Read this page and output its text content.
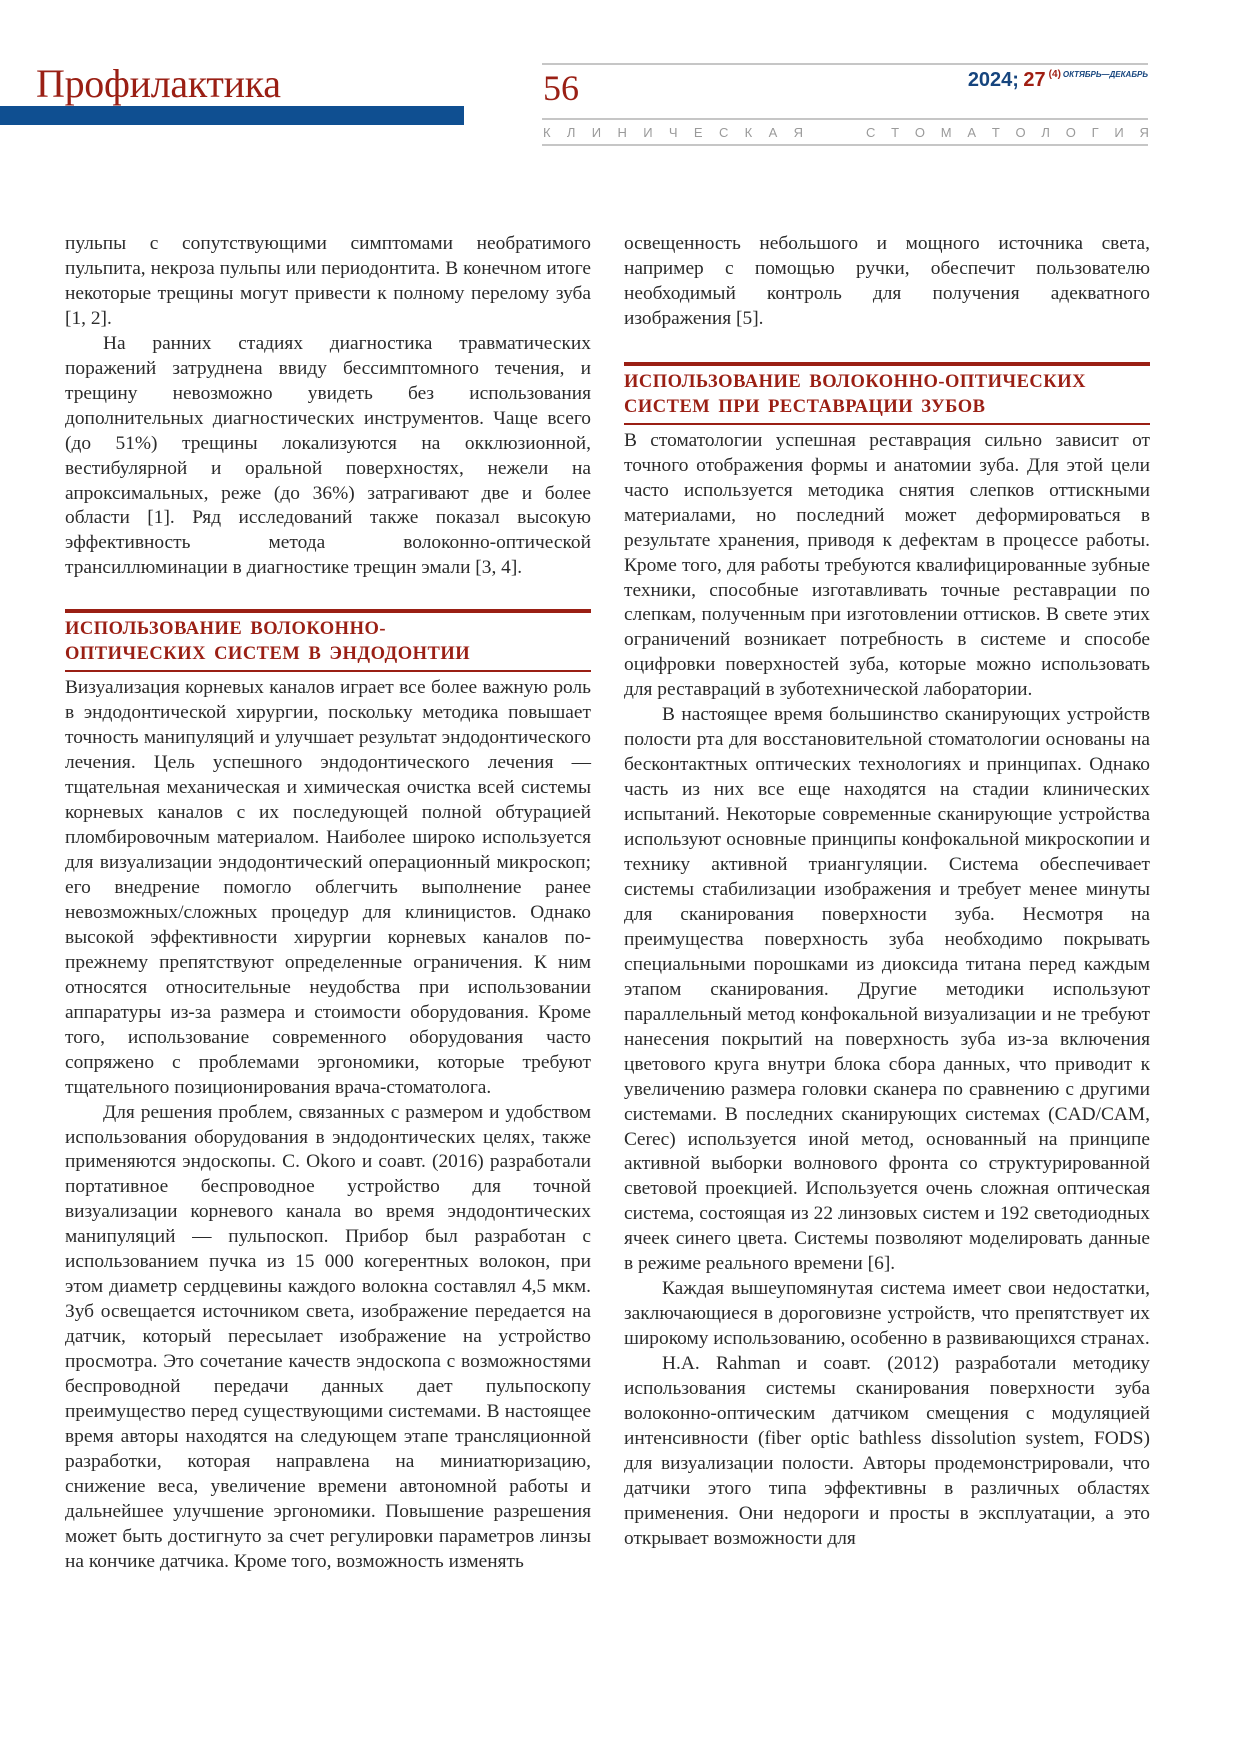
Профилактика	56	2024; 27 $^{(4)}$ $^{ОКТЯБРЬ—ДЕКАБРЬ}$
К Л И Н И Ч Е С К А Я	С Т О М А Т О Л О Г И Я

пульпы с сопутствующими симптомами необратимого пульпита, некроза пульпы или периодонтита. В конечном итоге некоторые трещины могут привести к полному перелому зуба [1, 2].

На ранних стадиях диагностика травматических поражений затруднена ввиду бессимптомного течения, и трещину невозможно увидеть без использования дополнительных диагностических инструментов. Чаще всего (до 51%) трещины локализуются на окклюзионной, вестибулярной и оральной поверхностях, нежели на апроксимальных, реже (до 36%) затрагивают две и более области [1]. Ряд исследований также показал высокую эффективность метода волоконно-оптической трансиллюминации в диагностике трещин эмали [3, 4].

ИСПОЛЬЗОВАНИЕ ВОЛОКОННО-
ОПТИЧЕСКИХ СИСТЕМ В ЭНДОДОНТИИ

Визуализация корневых каналов играет все более важную роль в эндодонтической хирургии, поскольку методика повышает точность манипуляций и улучшает результат эндодонтического лечения. Цель успешного эндодонтического лечения — тщательная механическая и химическая очистка всей системы корневых каналов с их последующей полной обтурацией пломбировочным материалом. Наиболее широко используется для визуализации эндодонтический операционный микроскоп; его внедрение помогло облегчить выполнение ранее невозможных/сложных процедур для клиницистов. Однако высокой эффективности хирургии корневых каналов по-прежнему препятствуют определенные ограничения. К ним относятся относительные неудобства при использовании аппаратуры из-за размера и стоимости оборудования. Кроме того, использование современного оборудования часто сопряжено с проблемами эргономики, которые требуют тщательного позиционирования врача-стоматолога.

Для решения проблем, связанных с размером и удобством использования оборудования в эндодонтических целях, также применяются эндоскопы. C. Okoro и соавт. (2016) разработали портативное беспроводное устройство для точной визуализации корневого канала во время эндодонтических манипуляций — пульпоскоп. Прибор был разработан с использованием пучка из 15 000 когерентных волокон, при этом диаметр сердцевины каждого волокна составлял 4,5 мкм. Зуб освещается источником света, изображение передается на датчик, который пересылает изображение на устройство просмотра. Это сочетание качеств эндоскопа с возможностями беспроводной передачи данных дает пульпоскопу преимущество перед существующими системами. В настоящее время авторы находятся на следующем этапе трансляционной разработки, которая направлена на миниатюризацию, снижение веса, увеличение времени автономной работы и дальнейшее улучшение эргономики. Повышение разрешения может быть достигнуто за счет регулировки параметров линзы на кончике датчика. Кроме того, возможность изменять

освещенность небольшого и мощного источника света, например с помощью ручки, обеспечит пользователю необходимый контроль для получения адекватного изображения [5].

ИСПОЛЬЗОВАНИЕ ВОЛОКОННО-ОПТИЧЕСКИХ
СИСТЕМ ПРИ РЕСТАВРАЦИИ ЗУБОВ

В стоматологии успешная реставрация сильно зависит от точного отображения формы и анатомии зуба. Для этой цели часто используется методика снятия слепков оттискными материалами, но последний может деформироваться в результате хранения, приводя к дефектам в процессе работы. Кроме того, для работы требуются квалифицированные зубные техники, способные изготавливать точные реставрации по слепкам, полученным при изготовлении оттисков. В свете этих ограничений возникает потребность в системе и способе оцифровки поверхностей зуба, которые можно использовать для реставраций в зуботехнической лаборатории.

В настоящее время большинство сканирующих устройств полости рта для восстановительной стоматологии основаны на бесконтактных оптических технологиях и принципах. Однако часть из них все еще находятся на стадии клинических испытаний. Некоторые современные сканирующие устройства используют основные принципы конфокальной микроскопии и технику активной триангуляции. Система обеспечивает системы стабилизации изображения и требует менее минуты для сканирования поверхности зуба. Несмотря на преимущества поверхность зуба необходимо покрывать специальными порошками из диоксида титана перед каждым этапом сканирования. Другие методики используют параллельный метод конфокальной визуализации и не требуют нанесения покрытий на поверхность зуба из-за включения цветового круга внутри блока сбора данных, что приводит к увеличению размера головки сканера по сравнению с другими системами. В последних сканирующих системах (CAD/CAM, Cerec) используется иной метод, основанный на принципе активной выборки волнового фронта со структурированной световой проекцией. Используется очень сложная оптическая система, состоящая из 22 линзовых систем и 192 светодиодных ячеек синего цвета. Системы позволяют моделировать данные в режиме реального времени [6].

Каждая вышеупомянутая система имеет свои недостатки, заключающиеся в дороговизне устройств, что препятствует их широкому использованию, особенно в развивающихся странах.

H.A. Rahman и соавт. (2012) разработали методику использования системы сканирования поверхности зуба волоконно-оптическим датчиком смещения с модуляцией интенсивности (fiber optic bathless dissolution system, FODS) для визуализации полости. Авторы продемонстрировали, что датчики этого типа эффективны в различных областях применения. Они недороги и просты в эксплуатации, а это открывает возможности для
